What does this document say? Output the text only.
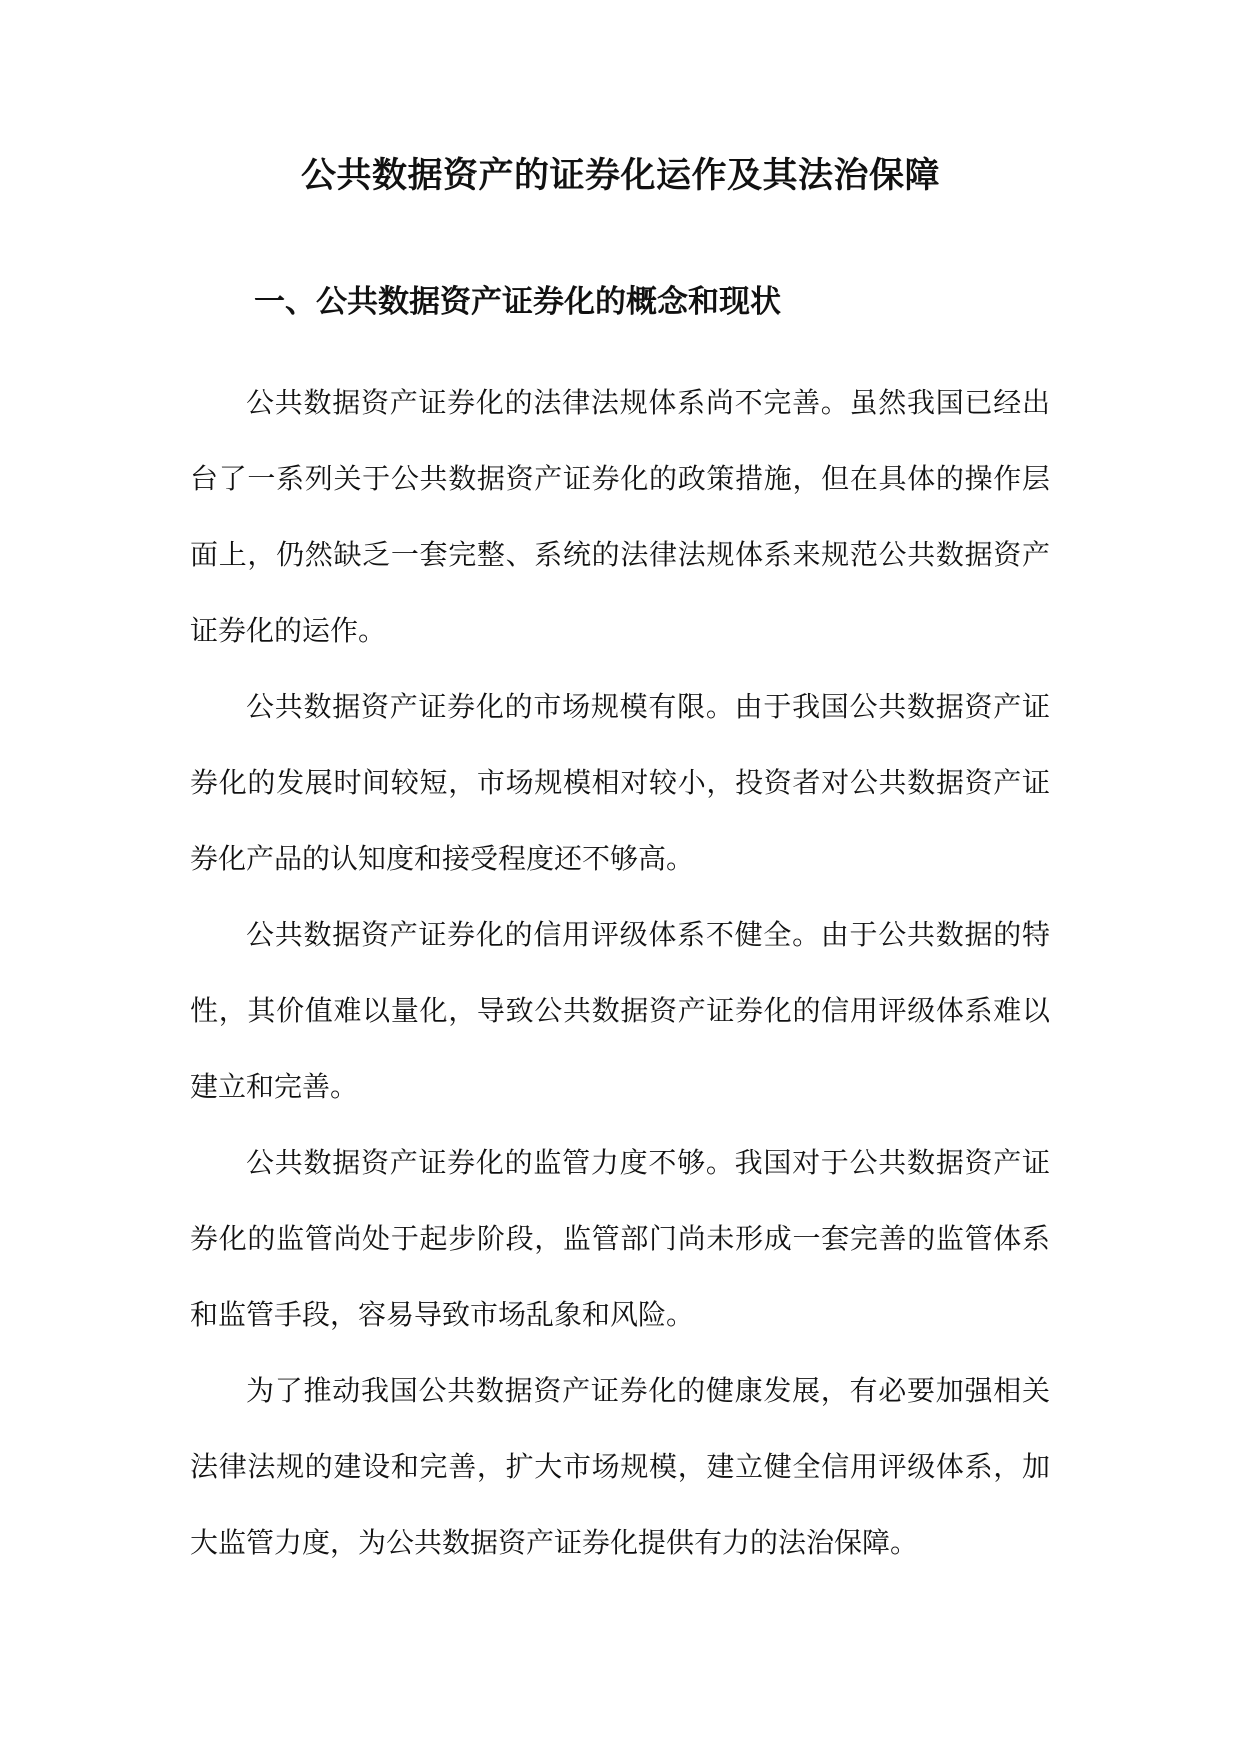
公共数据资产的证券化运作及其法治保障
一、公共数据资产证券化的概念和现状

公共数据资产证券化的法律法规体系尚不完善。虽然我国已经出台了一系列关于公共数据资产证券化的政策措施，但在具体的操作层面上，仍然缺乏一套完整、系统的法律法规体系来规范公共数据资产证券化的运作。

公共数据资产证券化的市场规模有限。由于我国公共数据资产证券化的发展时间较短，市场规模相对较小，投资者对公共数据资产证券化产品的认知度和接受程度还不够高。

公共数据资产证券化的信用评级体系不健全。由于公共数据的特性，其价值难以量化，导致公共数据资产证券化的信用评级体系难以建立和完善。

公共数据资产证券化的监管力度不够。我国对于公共数据资产证券化的监管尚处于起步阶段，监管部门尚未形成一套完善的监管体系和监管手段，容易导致市场乱象和风险。

为了推动我国公共数据资产证券化的健康发展，有必要加强相关法律法规的建设和完善，扩大市场规模，建立健全信用评级体系，加大监管力度，为公共数据资产证券化提供有力的法治保障。
